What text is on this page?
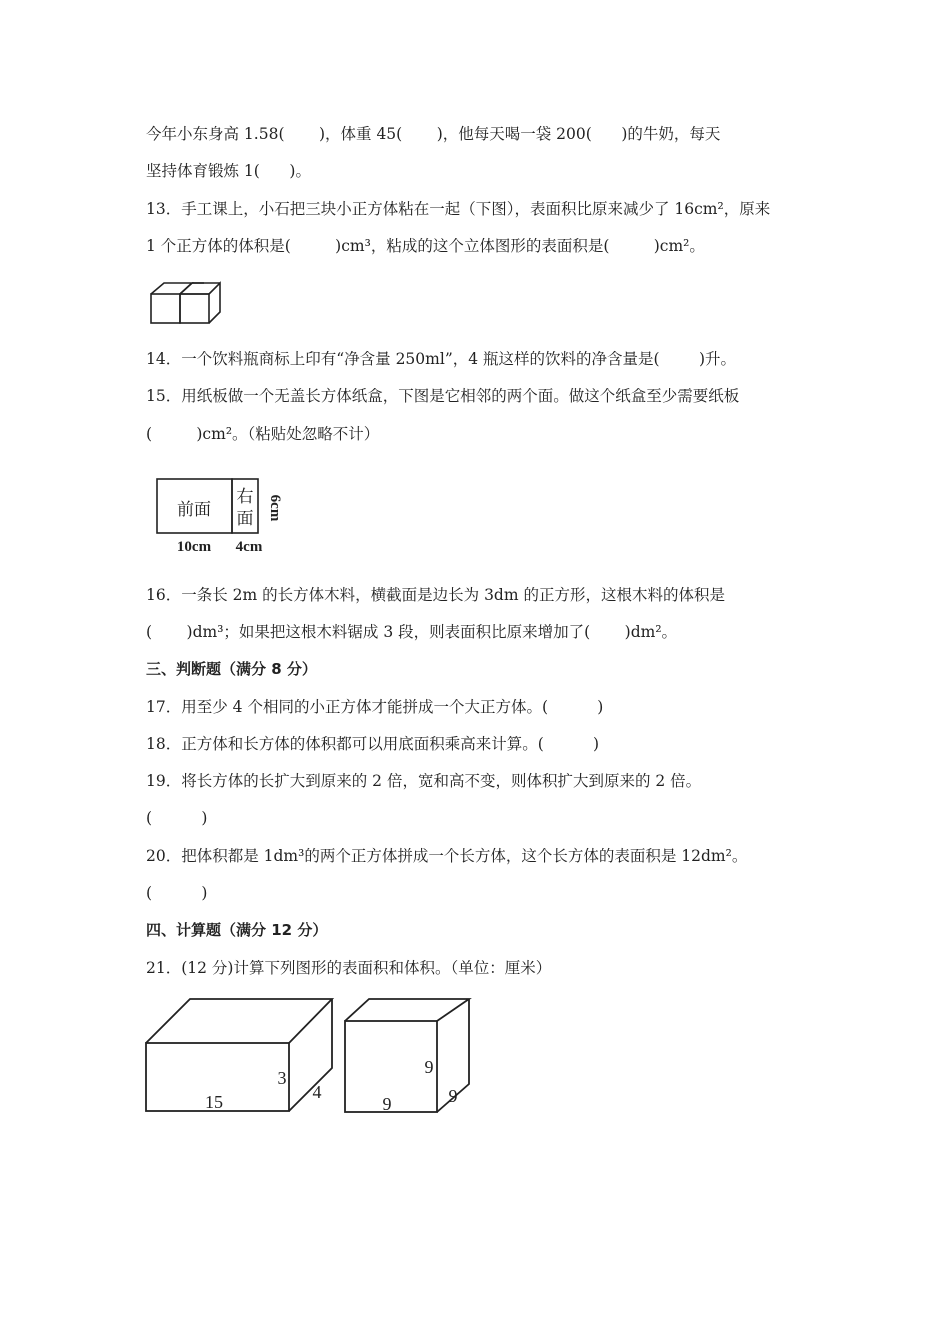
今年小东身高 1.58(       )，体重 45(       )，他每天喝一袋 200(      )的牛奶，每天
坚持体育锻炼 1(      )。
13．手工课上，小石把三块小正方体粘在一起（下图），表面积比原来减少了 16cm²，原来
1 个正方体的体积是(         )cm³，粘成的这个立体图形的表面积是(         )cm²。
14．一个饮料瓶商标上印有“净含量 250ml”，4 瓶这样的饮料的净含量是(        )升。
15．用纸板做一个无盖长方体纸盒，下图是它相邻的两个面。做这个纸盒至少需要纸板
(         )cm²。（粘贴处忽略不计）
前面
右
面 6cm
10cm 4cm
16．一条长 2m 的长方体木料，横截面是边长为 3dm 的正方形，这根木料的体积是
(       )dm³；如果把这根木料锯成 3 段，则表面积比原来增加了(       )dm²。
三、判断题（满分 8 分）
17．用至少 4 个相同的小正方体才能拼成一个大正方体。(          )
18．正方体和长方体的体积都可以用底面积乘高来计算。(          )
19．将长方体的长扩大到原来的 2 倍，宽和高不变，则体积扩大到原来的 2 倍。
(          )
20．把体积都是 1dm³的两个正方体拼成一个长方体，这个长方体的表面积是 12dm²。
(          )
四、计算题（满分 12 分）
21．(12 分)计算下列图形的表面积和体积。（单位：厘米）
15
3
4
9
9
9
